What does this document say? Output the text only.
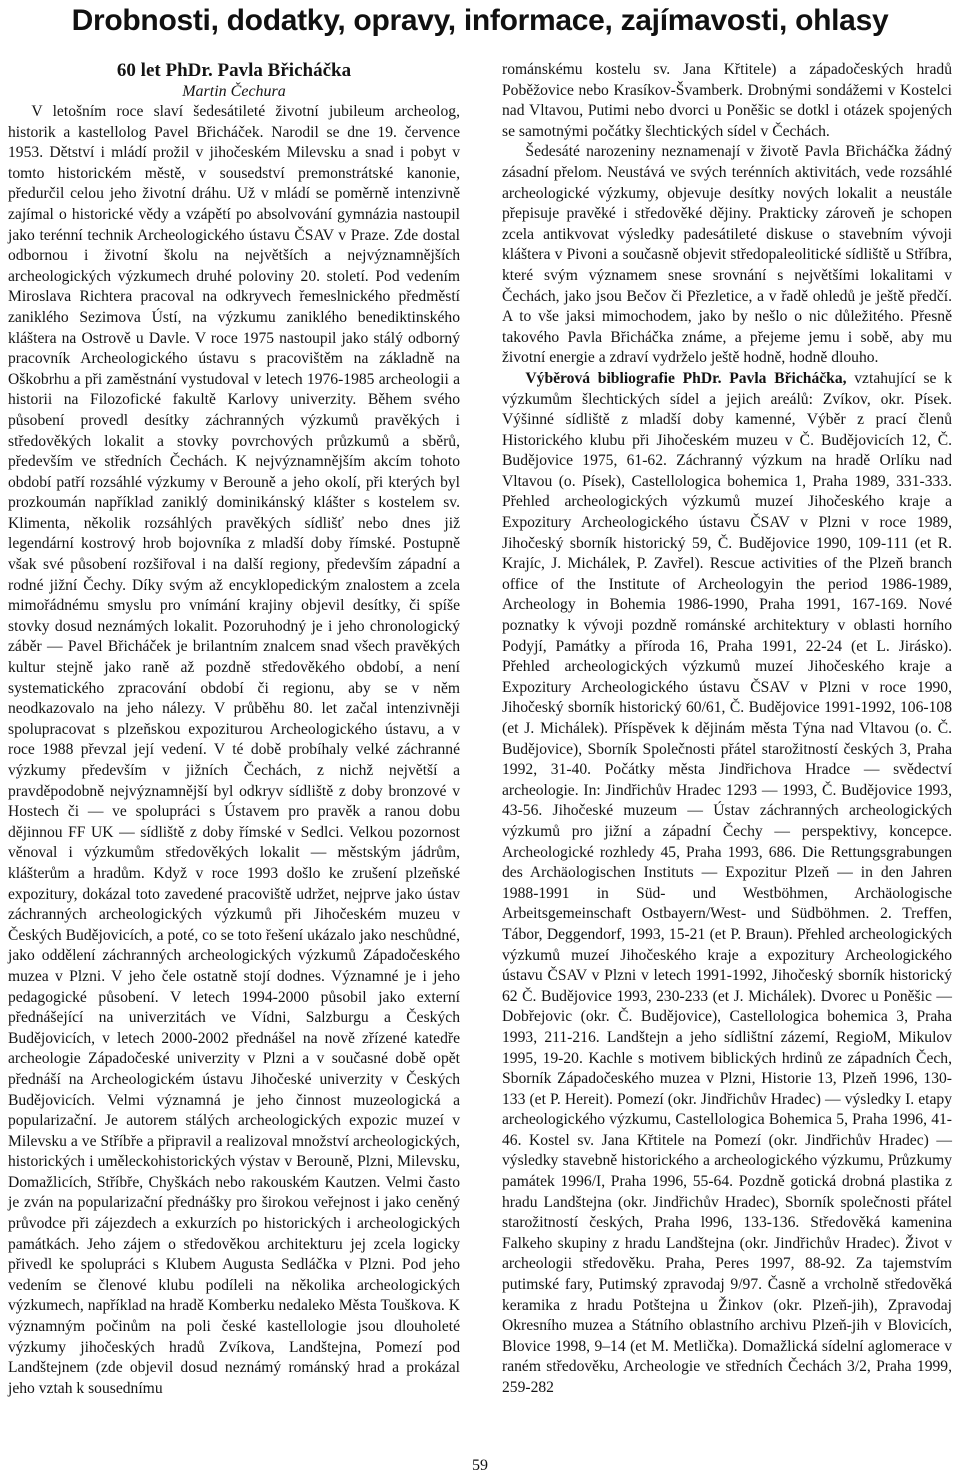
Drobnosti, dodatky, opravy, informace, zajímavosti, ohlasy

60 let PhDr. Pavla Břicháčka

Martin Čechura

V letošním roce slaví šedesátileté životní jubileum archeolog, historik a kastellolog Pavel Břicháček. Narodil se dne 19. července 1953. Dětství i mládí prožil v jihočeském Milevsku a snad i pobyt v tomto historickém městě, v sousedství premonstrátské kanonie, předurčil celou jeho životní dráhu. Už v mládí se poměrně intenzivně zajímal o historické vědy a vzápětí po absolvování gymnázia nastoupil jako terénní technik Archeologického ústavu ČSAV v Praze. Zde dostal odbornou i životní školu na největších a nejvýznamnějších archeologických výzkumech druhé poloviny 20. století. Pod vedením Miroslava Richtera pracoval na odkryvech řemeslnického předměstí zaniklého Sezimova Ústí, na výzkumu zaniklého benediktinského kláštera na Ostrově u Davle. V roce 1975 nastoupil jako stálý odborný pracovník Archeologického ústavu s pracovištěm na základně na Oškobrhu a při zaměstnání vystudoval v letech 1976-1985 archeologii a historii na Filozofické fakultě Karlovy univerzity. Během svého působení provedl desítky záchranných výzkumů pravěkých i středověkých lokalit a stovky povrchových průzkumů a sběrů, především ve středních Čechách. K nejvýznamnějším akcím tohoto období patří rozsáhlé výzkumy v Berouně a jeho okolí, při kterých byl prozkoumán například zaniklý dominikánský klášter s kostelem sv. Klimenta, několik rozsáhlých pravěkých sídlišť nebo dnes již legendární kostrový hrob bojovníka z mladší doby římské. Postupně však své působení rozšiřoval i na další regiony, především západní a rodné jižní Čechy. Díky svým až encyklopedickým znalostem a zcela mimořádnému smyslu pro vnímání krajiny objevil desítky, či spíše stovky dosud neznámých lokalit. Pozoruhodný je i jeho chronologický záběr — Pavel Břicháček je brilantním znalcem snad všech pravěkých kultur stejně jako raně až pozdně středověkého období, a není systematického zpracování období či regionu, aby se v něm neodkazovalo na jeho nálezy. V průběhu 80. let začal intenzivněji spolupracovat s plzeňskou expoziturou Archeologického ústavu, a v roce 1988 převzal její vedení. V té době probíhaly velké záchranné výzkumy především v jižních Čechách, z nichž největší a pravděpodobně nejvýznamnější byl odkryv sídliště z doby bronzové v Hostech či — ve spolupráci s Ústavem pro pravěk a ranou dobu dějinnou FF UK — sídliště z doby římské v Sedlci. Velkou pozornost věnoval i výzkumům středověkých lokalit — městským jádrům, klášterům a hradům. Když v roce 1993 došlo ke zrušení plzeňské expozitury, dokázal toto zavedené pracoviště udržet, nejprve jako ústav záchranných archeologických výzkumů při Jihočeském muzeu v Českých Budějovicích, a poté, co se toto řešení ukázalo jako neschůdné, jako oddělení záchranných archeologických výzkumů Západočeského muzea v Plzni. V jeho čele ostatně stojí dodnes. Významné je i jeho pedagogické působení. V letech 1994-2000 působil jako externí přednášející na univerzitách ve Vídni, Salzburgu a Českých Budějovicích, v letech 2000-2002 přednášel na nově zřízené katedře archeologie Západočeské univerzity v Plzni a v současné době opět přednáší na Archeologickém ústavu Jihočeské univerzity v Českých Budějovicích. Velmi významná je jeho činnost muzeologická a popularizační. Je autorem stálých archeologických expozic muzeí v Milevsku a ve Stříbře a připravil a realizoval množství archeologických, historických i uměleckohistorických výstav v Berouně, Plzni, Milevsku, Domažlicích, Stříbře, Chyškách nebo rakouském Kautzen. Velmi často je zván na popularizační přednášky pro širokou veřejnost i jako ceněný průvodce při zájezdech a exkurzích po historických i archeologických památkách. Jeho zájem o středověkou architekturu jej zcela logicky přivedl ke spolupráci s Klubem Augusta Sedláčka v Plzni. Pod jeho vedením se členové klubu podíleli na několika archeologických výzkumech, například na hradě Komberku nedaleko Města Touškova. K významným počinům na poli české kastellologie jsou dlouholeté výzkumy jihočeských hradů Zvíkova, Landštejna, Pomezí pod Landštejnem (zde objevil dosud neznámý románský hrad a prokázal jeho vztah k sousednímu

románskému kostelu sv. Jana Křtitele) a západočeských hradů Poběžovice nebo Krasíkov-Švamberk. Drobnými sondážemi v Kostelci nad Vltavou, Putimi nebo dvorci u Poněšic se dotkl i otázek spojených se samotnými počátky šlechtických sídel v Čechách.

Šedesáté narozeniny neznamenají v životě Pavla Břicháčka žádný zásadní přelom. Neustává ve svých terénních aktivitách, vede rozsáhlé archeologické výzkumy, objevuje desítky nových lokalit a neustále přepisuje pravěké i středověké dějiny. Prakticky zároveň je schopen zcela antikvovat výsledky padesátileté diskuse o stavebním vývoji kláštera v Pivoni a současně objevit středopaleolitické sídliště u Stříbra, které svým významem snese srovnání s největšími lokalitami v Čechách, jako jsou Bečov či Přezletice, a v řadě ohledů je ještě předčí. A to vše jaksi mimochodem, jako by nešlo o nic důležitého. Přesně takového Pavla Břicháčka známe, a přejeme jemu i sobě, aby mu životní energie a zdraví vydrželo ještě hodně, hodně dlouho.

Výběrová bibliografie PhDr. Pavla Břicháčka, vztahující se k výzkumům šlechtických sídel a jejich areálů: Zvíkov, okr. Písek. Výšinné sídliště z mladší doby kamenné, Výběr z prací členů Historického klubu při Jihočeském muzeu v Č. Budějovicích 12, Č. Budějovice 1975, 61-62. Záchranný výzkum na hradě Orlíku nad Vltavou (o. Písek), Castellologica bohemica 1, Praha 1989, 331-333. Přehled archeologických výzkumů muzeí Jihočeského kraje a Expozitury Archeologického ústavu ČSAV v Plzni v roce 1989, Jihočeský sborník historický 59, Č. Budějovice 1990, 109-111 (et R. Krajíc, J. Michálek, P. Zavřel). Rescue activities of the Plzeň branch office of the Institute of Archeologyin the period 1986-1989, Archeology in Bohemia 1986-1990, Praha 1991, 167-169. Nové poznatky k vývoji pozdně románské architektury v oblasti horního Podyjí, Památky a příroda 16, Praha 1991, 22-24 (et L. Jirásko). Přehled archeologických výzkumů muzeí Jihočeského kraje a Expozitury Archeologického ústavu ČSAV v Plzni v roce 1990, Jihočeský sborník historický 60/61, Č. Budějovice 1991-1992, 106-108 (et J. Michálek). Příspěvek k dějinám města Týna nad Vltavou (o. Č. Budějovice), Sborník Společnosti přátel starožitností českých 3, Praha 1992, 31-40. Počátky města Jindřichova Hradce — svědectví archeologie. In: Jindřichův Hradec 1293 — 1993, Č. Budějovice 1993, 43-56. Jihočeské muzeum — Ústav záchranných archeologických výzkumů pro jižní a západní Čechy — perspektivy, koncepce. Archeologické rozhledy 45, Praha 1993, 686. Die Rettungsgrabungen des Archäologischen Instituts — Expozitur Plzeň — in den Jahren 1988-1991 in Süd- und Westböhmen, Archäologische Arbeitsgemeinschaft Ostbayern/West- und Südböhmen. 2. Treffen, Tábor, Deggendorf, 1993, 15-21 (et P. Braun). Přehled archeologických výzkumů muzeí Jihočeského kraje a expozitury Archeologického ústavu ČSAV v Plzni v letech 1991-1992, Jihočeský sborník historický 62 Č. Budějovice 1993, 230-233 (et J. Michálek). Dvorec u Poněšic — Dobřejovic (okr. Č. Budějovice), Castellologica bohemica 3, Praha 1993, 211-216. Landštejn a jeho sídlištní zázemí, RegioM, Mikulov 1995, 19-20. Kachle s motivem biblických hrdinů ze západních Čech, Sborník Západočeského muzea v Plzni, Historie 13, Plzeň 1996, 130-133 (et P. Hereit). Pomezí (okr. Jindřichův Hradec) — výsledky I. etapy archeologického výzkumu, Castellologica Bohemica 5, Praha 1996, 41-46. Kostel sv. Jana Křtitele na Pomezí (okr. Jindřichův Hradec) — výsledky stavebně historického a archeologického výzkumu, Průzkumy památek 1996/I, Praha 1996, 55-64. Pozdně gotická drobná plastika z hradu Landštejna (okr. Jindřichův Hradec), Sborník společnosti přátel starožitností českých, Praha l996, 133-136. Středověká kamenina Falkeho skupiny z hradu Landštejna (okr. Jindřichův Hradec). Život v archeologii středověku. Praha, Peres 1997, 88-92. Za tajemstvím putimské fary, Putimský zpravodaj 9/97. Časně a vrcholně středověká keramika z hradu Potštejna u Žinkov (okr. Plzeň-jih), Zpravodaj Okresního muzea a Státního oblastního archivu Plzeň-jih v Blovicích, Blovice 1998, 9–14 (et M. Metlička). Domažlická sídelní aglomerace v raném středověku, Archeologie ve středních Čechách 3/2, Praha 1999, 259-282

59
